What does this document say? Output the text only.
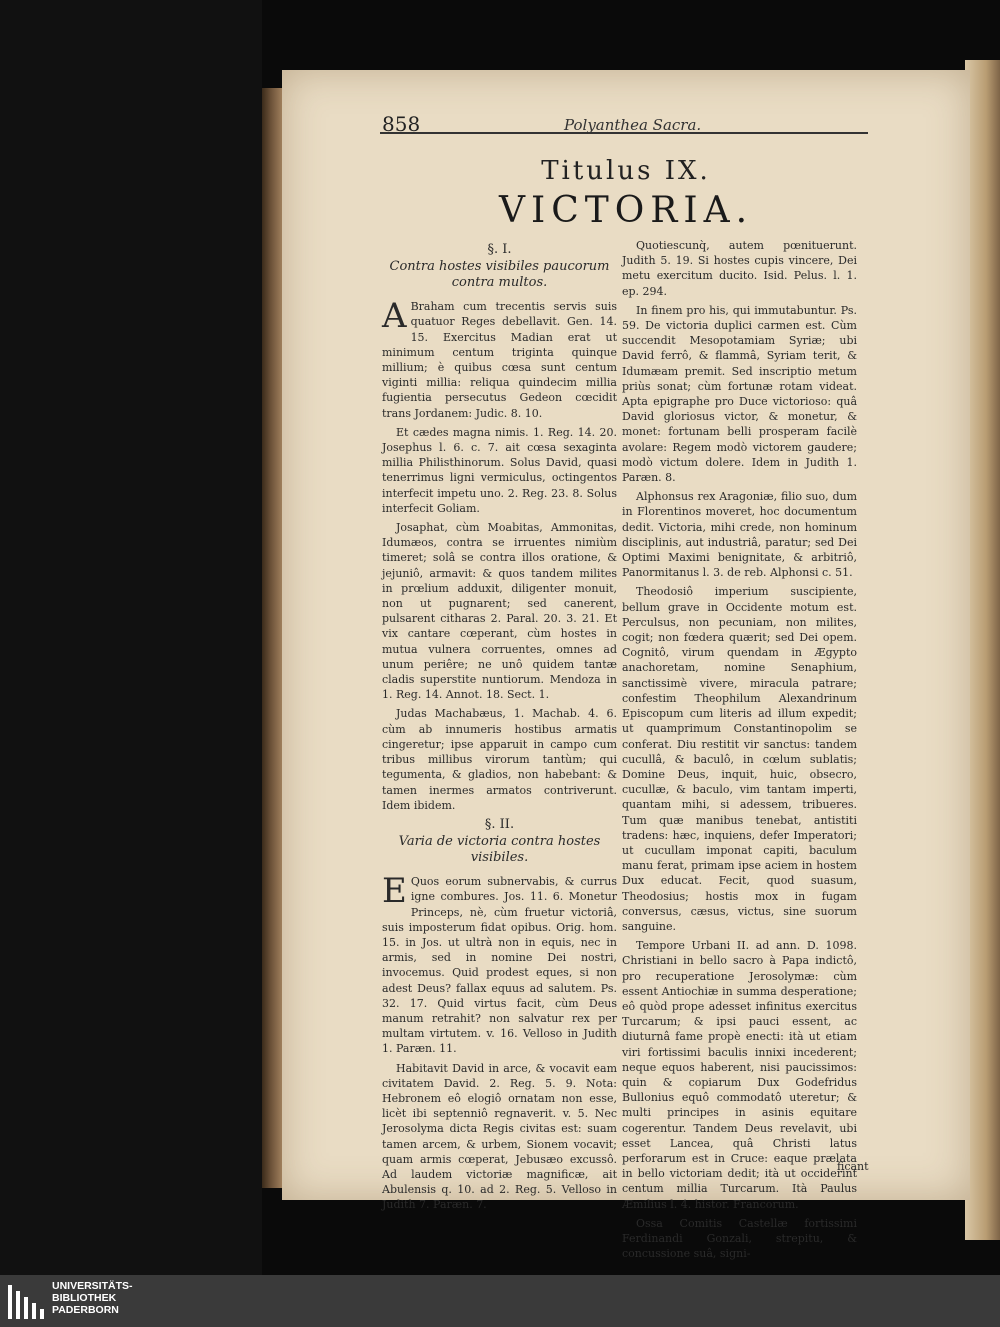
858	Polyanthea Sacra.
Titulus IX.
VICTORIA.
§. I.
Contra hostes visibiles paucorum contra multos.

A Braham cum trecentis servis suis quatuor Reges debellavit. Gen. 14. 15. Exercitus Madian erat ut minimum centum triginta quinque millium; è quibus cœsa sunt centum viginti millia: reliqua quindecim millia fugientia persecutus Gedeon cœcidit trans Jordanem: Judic. 8. 10.

Et cædes magna nimis. 1. Reg. 14. 20. Josephus l. 6. c. 7. ait cœsa sexaginta millia Philisthinorum. Solus David, quasi tenerrimus ligni vermiculus, octingentos interfecit impetu uno. 2. Reg. 23. 8. Solus interfecit Goliam.

Josaphat, cùm Moabitas, Ammonitas, Idumæos, contra se irruentes nimiùm timeret; solâ se contra illos oratione, & jejuniô, armavit: & quos tandem milites in prœlium adduxit, diligenter monuit, non ut pugnarent; sed canerent, pulsarent citharas 2. Paral. 20. 3. 21. Et vix cantare cœperant, cùm hostes in mutua vulnera corruentes, omnes ad unum periêre; ne unô quidem tantæ cladis superstite nuntiorum. Mendoza in 1. Reg. 14. Annot. 18. Sect. 1.

Judas Machabæus, 1. Machab. 4. 6. cùm ab innumeris hostibus armatis cingeretur; ipse apparuit in campo cum tribus millibus virorum tantùm; qui tegumenta, & gladios, non habebant: & tamen inermes armatos contriverunt. Idem ibidem.

§. II.
Varia de victoria contra hostes visibiles.

E Quos eorum subnervabis, & currus igne combures. Jos. 11. 6. Monetur Princeps, nè, cùm fruetur victoriâ, suis imposterum fidat opibus. Orig. hom. 15. in Jos. ut ultrà non in equis, nec in armis, sed in nomine Dei nostri, invocemus. Quid prodest eques, si non adest Deus? fallax equus ad salutem. Ps. 32. 17. Quid virtus facit, cùm Deus manum retrahit? non salvatur rex per multam virtutem. v. 16. Velloso in Judith 1. Paræn. 11.

Habitavit David in arce, & vocavit eam civitatem David. 2. Reg. 5. 9. Nota: Hebronem eô elogiô ornatam non esse, licèt ibi septenniô regnaverit. v. 5. Nec Jerosolyma dicta Regis civitas est: suam tamen arcem, & urbem, Sionem vocavit; quam armis cœperat, Jebusæo excussô. Ad laudem victoriæ magnificæ, ait Abulensis q. 10. ad 2. Reg. 5. Velloso in Judith 7. Paræn. 7.

Quotiescunq̀, autem pœnituerunt. Judith 5. 19. Si hostes cupis vincere, Dei metu exercitum ducito. Isid. Pelus. l. 1. ep. 294.

In finem pro his, qui immutabuntur. Ps. 59. De victoria duplici carmen est. Cùm succendit Mesopotamiam Syriæ; ubi David ferrô, & flammâ, Syriam terit, & Idumæam premit. Sed inscriptio metum priùs sonat; cùm fortunæ rotam videat. Apta epigraphe pro Duce victorioso: quâ David gloriosus victor, & monetur, & monet: fortunam belli prosperam facilè avolare: Regem modò victorem gaudere; modò victum dolere. Idem in Judith 1. Paræn. 8.

Alphonsus rex Aragoniæ, filio suo, dum in Florentinos moveret, hoc documentum dedit. Victoria, mihi crede, non hominum disciplinis, aut industriâ, paratur; sed Dei Optimi Maximi benignitate, & arbitriô, Panormitanus l. 3. de reb. Alphonsi c. 51.

Theodosiô imperium suscipiente, bellum grave in Occidente motum est. Perculsus, non pecuniam, non milites, cogit; non fœdera quærit; sed Dei opem. Cognitô, virum quendam in Ægypto anachoretam, nomine Senaphium, sanctissimè vivere, miracula patrare; confestim Theophilum Alexandrinum Episcopum cum literis ad illum expedit; ut quamprimum Constantinopolim se conferat. Diu restitit vir sanctus: tandem cucullâ, & baculô, in cœlum sublatis; Domine Deus, inquit, huic, obsecro, cucullæ, & baculo, vim tantam imperti, quantam mihi, si adessem, tribueres. Tum quæ manibus tenebat, antistiti tradens: hæc, inquiens, defer Imperatori; ut cucullam imponat capiti, baculum manu ferat, primam ipse aciem in hostem Dux educat. Fecit, quod suasum, Theodosius; hostis mox in fugam conversus, cæsus, victus, sine suorum sanguine.

Tempore Urbani II. ad ann. D. 1098. Christiani in bello sacro à Papa indictô, pro recuperatione Jerosolymæ: cùm essent Antiochiæ in summa desperatione; eô quòd prope adesset infinitus exercitus Turcarum; & ipsi pauci essent, ac diuturnâ fame propè enecti: ità ut etiam viri fortissimi baculis innixi incederent; neque equos haberent, nisi paucissimos: quin & copiarum Dux Godefridus Bullonius equô commodatô uteretur; & multi principes in asinis equitare cogerentur. Tandem Deus revelavit, ubi esset Lancea, quâ Christi latus perforarum est in Cruce: eaque prælata in bello victoriam dedit; ità ut occiderint centum millia Turcarum. Ità Paulus Æmilius l. 4. histor. Francorum.

Ossa Comitis Castellæ fortissimi Ferdinandi Gonzali, strepitu, & concussione suâ, signi-

ficant
UNIVERSITÄTS-
BIBLIOTHEK
PADERBORN
